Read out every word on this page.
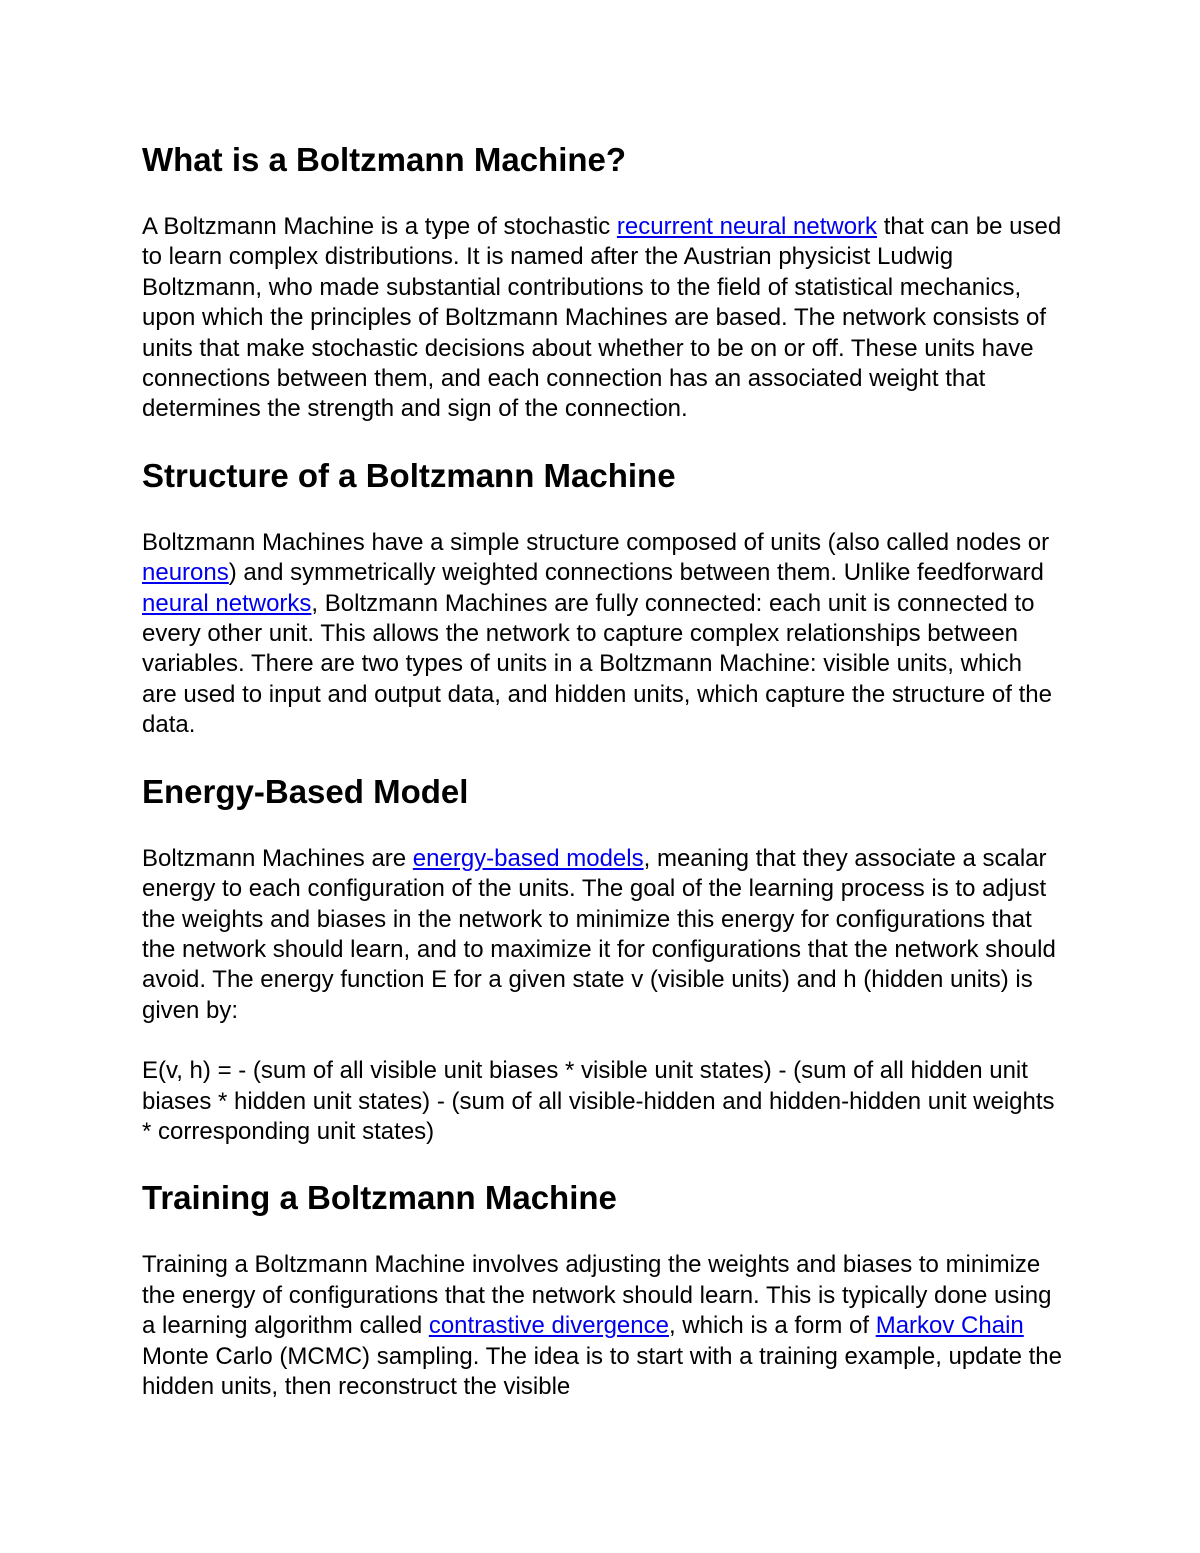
What is a Boltzmann Machine?

A Boltzmann Machine is a type of stochastic recurrent neural network that can be used to learn complex distributions. It is named after the Austrian physicist Ludwig Boltzmann, who made substantial contributions to the field of statistical mechanics, upon which the principles of Boltzmann Machines are based. The network consists of units that make stochastic decisions about whether to be on or off. These units have connections between them, and each connection has an associated weight that determines the strength and sign of the connection.

Structure of a Boltzmann Machine

Boltzmann Machines have a simple structure composed of units (also called nodes or neurons) and symmetrically weighted connections between them. Unlike feedforward neural networks, Boltzmann Machines are fully connected: each unit is connected to every other unit. This allows the network to capture complex relationships between variables. There are two types of units in a Boltzmann Machine: visible units, which are used to input and output data, and hidden units, which capture the structure of the data.

Energy-Based Model

Boltzmann Machines are energy-based models, meaning that they associate a scalar energy to each configuration of the units. The goal of the learning process is to adjust the weights and biases in the network to minimize this energy for configurations that the network should learn, and to maximize it for configurations that the network should avoid. The energy function E for a given state v (visible units) and h (hidden units) is given by:

E(v, h) = - (sum of all visible unit biases * visible unit states) - (sum of all hidden unit biases * hidden unit states) - (sum of all visible-hidden and hidden-hidden unit weights * corresponding unit states)

Training a Boltzmann Machine

Training a Boltzmann Machine involves adjusting the weights and biases to minimize the energy of configurations that the network should learn. This is typically done using a learning algorithm called contrastive divergence, which is a form of Markov Chain Monte Carlo (MCMC) sampling. The idea is to start with a training example, update the hidden units, then reconstruct the visible
